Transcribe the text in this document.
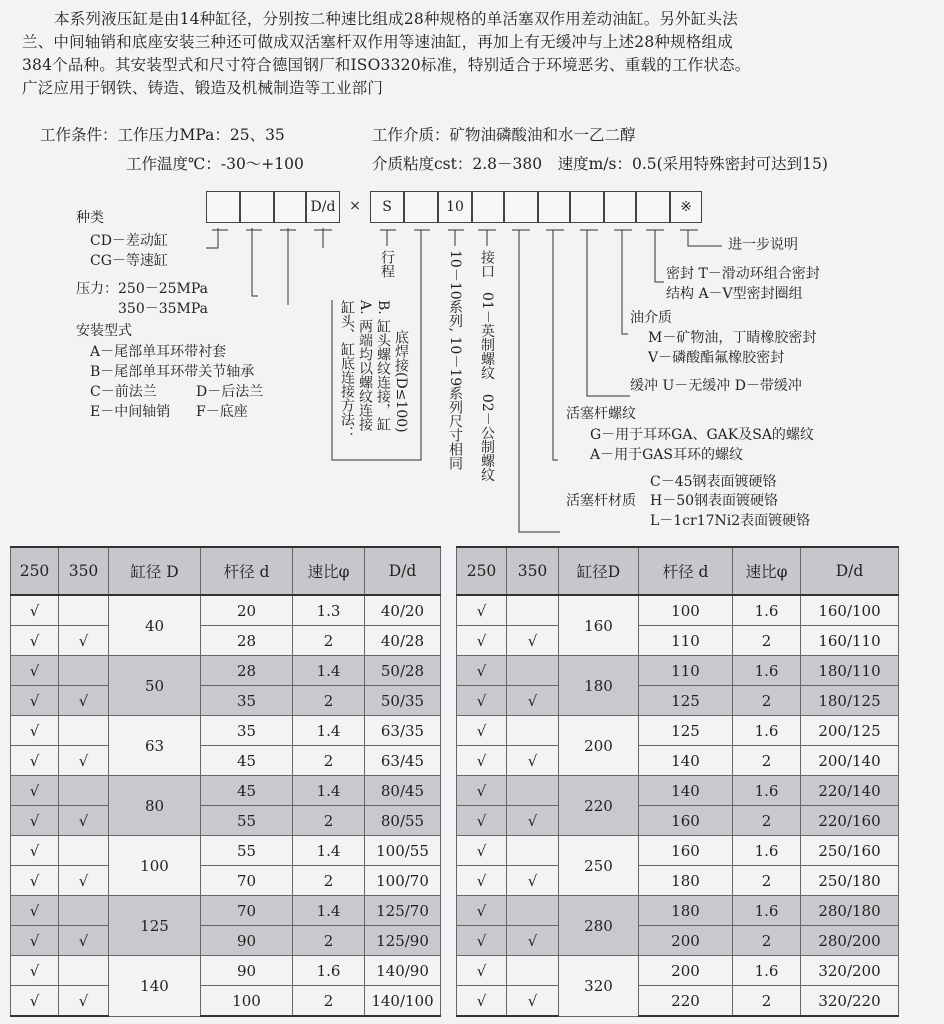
本系列液压缸是由14种缸径，分别按二种速比组成28种规格的单活塞双作用差动油缸。另外缸头法

兰、中间轴销和底座安装三种还可做成双活塞杆双作用等速油缸，再加上有无缓冲与上述28种规格组成

384个品种。其安装型式和尺寸符合德国钢厂和ISO3320标准，特别适合于环境恶劣、重载的工作状态。

广泛应用于钢铁、铸造、锻造及机械制造等工业部门

工作条件：工作压力MPa：25、35	工作介质：矿物油磷酸油和水一乙二醇
工作温度℃：-30～+100	介质粘度cst：2.8－380　速度m/s：0.5(采用特殊密封可达到15)
D/d ×	S	10	※
种类
CD－差动缸
CG－等速缸
压力：250－25MPa
350－35MPa
安装型式
A－尾部单耳环带衬套
B－尾部单耳环带关节轴承
C－前法兰	D－后法兰
E－中间轴销 F－底座	缸头、缸底连接方法： A. 两端均以螺纹连接 B. 缸头螺纹连接，缸 底焊接(D≤100)
行程	10－10系列, 10－19系列尺寸相同 接口　01－英制螺纹　02－公制螺纹
进一步说明
密封 T－滑动环组合密封
结构 A－V型密封圈组
油介质
M－矿物油，丁睛橡胶密封
V－磷酸酯氟橡胶密封
缓冲 U－无缓冲 D－带缓冲
活塞杆螺纹
G－用于耳环GA、GAK及SA的螺纹
A－用于GAS耳环的螺纹
C－45钢表面镀硬铬
活塞杆材质 H－50钢表面镀硬铬
L－1cr17Ni2表面镀硬铬
250	350	缸径 D	杆径 d	速比φ	D/d
√		40	20	1.3	40/20
√	√		28	2	40/28
√		50	28	1.4	50/28
√	√		35	2	50/35
√		63	35	1.4	63/35
√	√		45	2	63/45
√		80	45	1.4	80/45
√	√		55	2	80/55
√		100	55	1.4	100/55
√	√		70	2	100/70
√		125	70	1.4	125/70
√	√		90	2	125/90
√		140	90	1.6	140/90
√	√		100	2	140/100
250	350	缸径D	杆径 d	速比φ	D/d
√		160	100	1.6	160/100
√	√		110	2	160/110
√		180	110	1.6	180/110
√	√		125	2	180/125
√		200	125	1.6	200/125
√	√		140	2	200/140
√		220	140	1.6	220/140
√	√		160	2	220/160
√		250	160	1.6	250/160
√	√		180	2	250/180
√		280	180	1.6	280/180
√	√		200	2	280/200
√		320	200	1.6	320/200
√	√		220	2	320/220
